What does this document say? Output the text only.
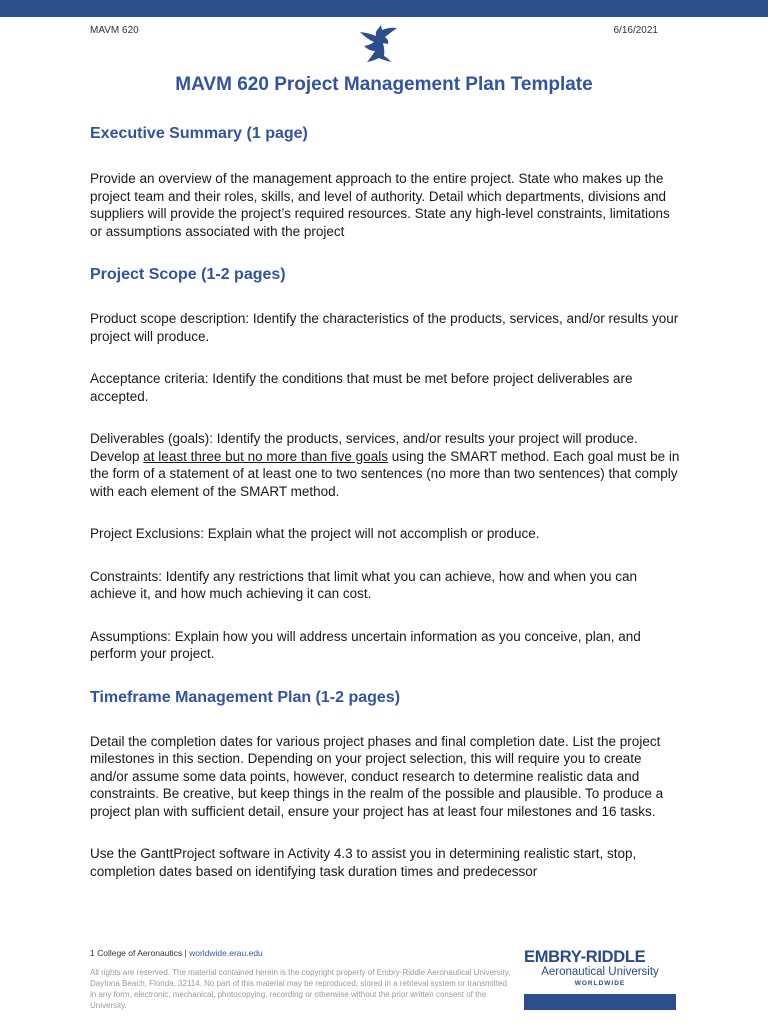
MAVM 620	6/16/2021
MAVM 620 Project Management Plan Template
Executive Summary (1 page)

Provide an overview of the management approach to the entire project. State who makes up the project team and their roles, skills, and level of authority. Detail which departments, divisions and suppliers will provide the project’s required resources. State any high-level constraints, limitations or assumptions associated with the project

Project Scope (1-2 pages)

Product scope description: Identify the characteristics of the products, services, and/or results your project will produce.

Acceptance criteria: Identify the conditions that must be met before project deliverables are accepted.

Deliverables (goals): Identify the products, services, and/or results your project will produce. Develop at least three but no more than five goals using the SMART method. Each goal must be in the form of a statement of at least one to two sentences (no more than two sentences) that comply with each element of the SMART method.

Project Exclusions: Explain what the project will not accomplish or produce.

Constraints: Identify any restrictions that limit what you can achieve, how and when you can achieve it, and how much achieving it can cost.

Assumptions: Explain how you will address uncertain information as you conceive, plan, and perform your project.

Timeframe Management Plan (1-2 pages)

Detail the completion dates for various project phases and final completion date. List the project milestones in this section. Depending on your project selection, this will require you to create and/or assume some data points, however, conduct research to determine realistic data and constraints. Be creative, but keep things in the realm of the possible and plausible. To produce a project plan with sufficient detail, ensure your project has at least four milestones and 16 tasks.

Use the GanttProject software in Activity 4.3 to assist you in determining realistic start, stop, completion dates based on identifying task duration times and predecessor

1 College of Aeronautics | worldwide.erau.edu
All rights are reserved. The material contained herein is the copyright property of Embry-Riddle Aeronautical University, Daytona Beach, Florida, 32114. No part of this material may be reproduced, stored in a retrieval system or transmitted in any form, electronic, mechanical, photocopying, recording or otherwise without the prior written consent of the University.
EMBRY-RIDDLE
Aeronautical University
WORLDWIDE
